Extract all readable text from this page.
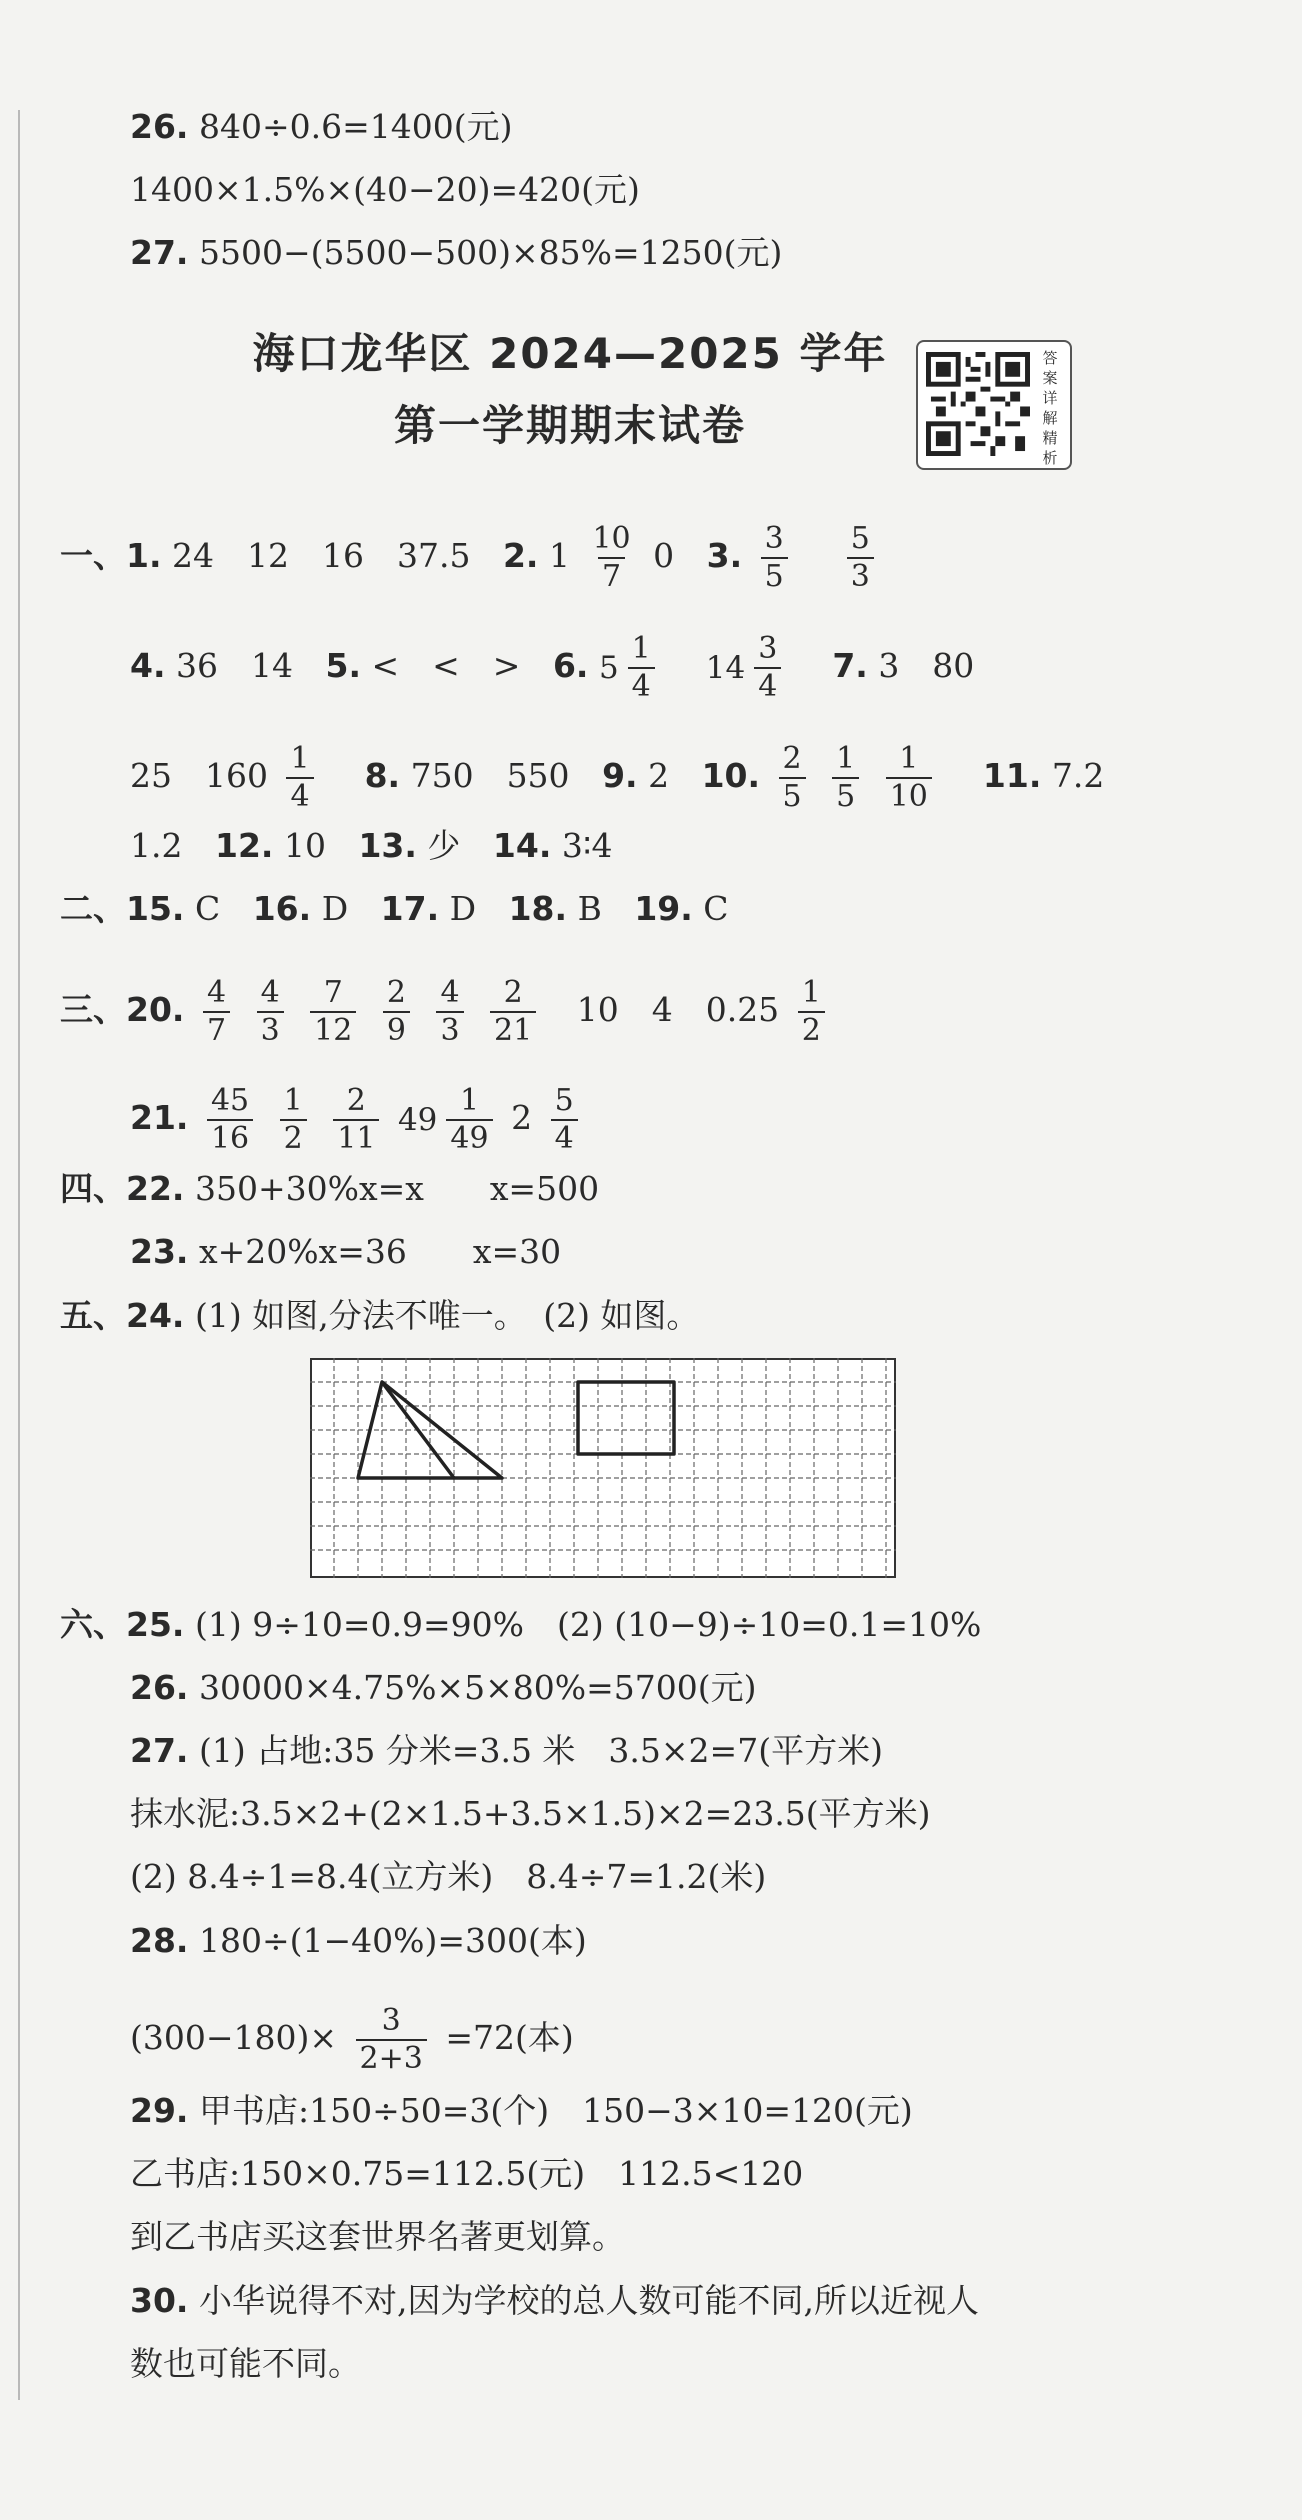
26. 840÷0.6=1400(元)
1400×1.5%×(40−20)=420(元)
27. 5500−(5500−500)×85%=1250(元)
海口龙华区 2024—2025 学年
第一学期期末试卷
答案详解精析
一、1. 24　12　16　37.5 2. $1 \frac{10}{7} 0$ 3. $\frac{3}{5}$
$\frac{5}{3}$
4. 36　14 5. <　<　> 6. 5
1
4

14
3
4
7. 3　80
25　$160 \frac{1}{4} 8$. 750　550 9. 2 10. $\frac{2}{5}$
$\frac{1}{5}$
$\frac{1}{10} 11$. 7.2
1.2 12. 10 13. 少 14. 3∶4
二、15. C 16. D 17. D 18. B 19. C
三、20. $\frac{4}{7}$
$\frac{4}{3}$
$\frac{7}{12}$
$\frac{2}{9}$
$\frac{4}{3}$
$\frac{2}{21} 10$　4　$0.25 \frac{1}{2}$
21. $\frac{45}{16}$
$\frac{1}{2}$
$\frac{2}{11}$
49
1
49
$2 \frac{5}{4}$
四、22. 350+30%x=x　　x=500
23. x+20%x=36　　x=30
五、24. (1) 如图,分法不唯一。　(2) 如图。
六、25. (1) 9÷10=0.9=90%　(2) (10−9)÷10=0.1=10%
26. 30000×4.75%×5×80%=5700(元)
27. (1) 占地:35 分米=3.5 米　3.5×2=7(平方米)
抹水泥:3.5×2+(2×1.5+3.5×1.5)×2=23.5(平方米)
(2) 8.4÷1=8.4(立方米)　8.4÷7=1.2(米)
28. 180÷(1−40%)=300(本)
$(300-180)\times \frac{3}{2+3} =72$(本)
29. 甲书店:150÷50=3(个)　150−3×10=120(元)
乙书店:150×0.75=112.5(元)　112.5<120
到乙书店买这套世界名著更划算。
30. 小华说得不对,因为学校的总人数可能不同,所以近视人
数也可能不同。
